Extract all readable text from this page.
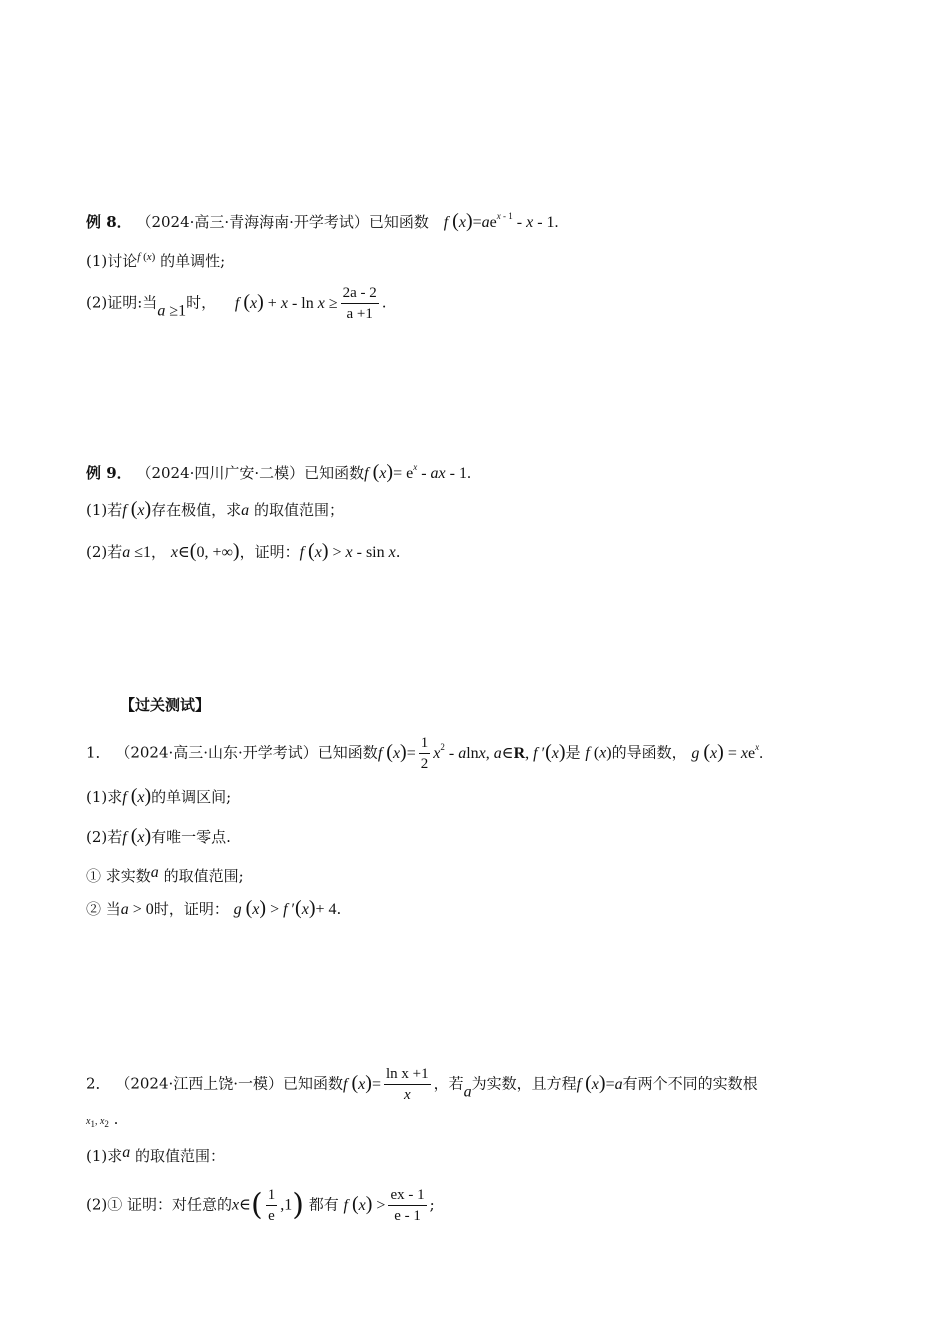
例 8． （2024·高三·青海海南·开学考试）已知函数 f $(x)=ae^{x - 1} - x - 1$.
(1)讨论$^{f (x)}$ 的单调性;
(2)证明:当a ≥1时， f $(x) + x - \ln x \ge \frac{2a - 2}{a +1}$ .
例 9． （2024·四川广安·二模）已知函数f $(x)= e^x$ - ax - 1.
(1)若f (x)存在极值，求a 的取值范围；
(2)若a ≤1， x∈(0, +∞)，证明：f (x) > x - sin x.
【过关测试】
1． （2024·高三·山东·开学考试）已知函数f $(x)= \frac{1}{2} x^2 - alnx$, a∈R, f ′(x)是 f (x)的导函数， g $(x) = xe^x$.
(1)求f (x)的单调区间;
(2)若f (x)有唯一零点.
① 求实数a 的取值范围;
② 当a > 0时，证明： g (x) > f ′(x)+ 4.
2． （2024·江西上饶·一模）已知函数f $(x)= \frac{\text{ln x +1}}{x}$ ，若a为实数，且方程f (x)=a有两个不同的实数根
x1, x2 .
(1)求a 的取值范围：
(2)① 证明：对任意的x∈( $\frac{1}{e} ,1$) 都有 f $(x) > \frac{ex - 1}{e - 1}$ ;
